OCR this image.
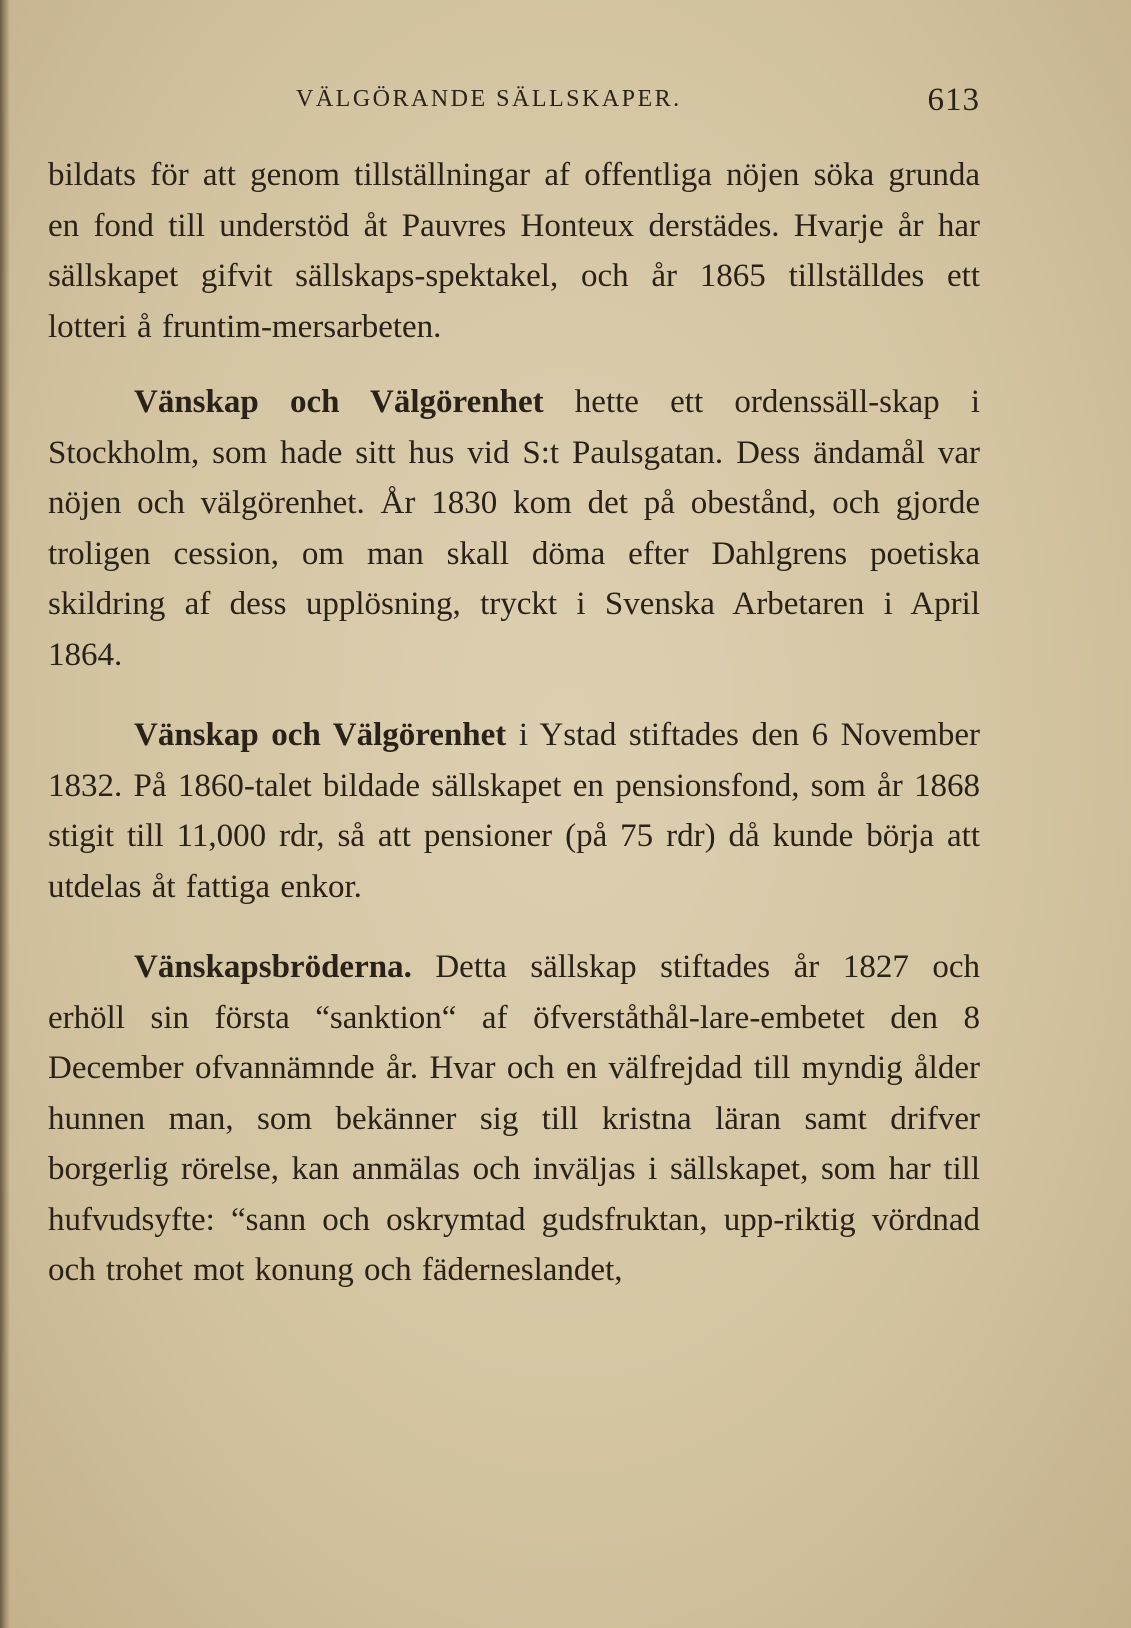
VÄLGÖRANDE SÄLLSKAPER.	613

bildats för att genom tillställningar af offentliga nöjen söka grunda en fond till understöd åt Pauvres Honteux derstädes. Hvarje år har sällskapet gifvit sällskaps-spektakel, och år 1865 tillställdes ett lotteri å fruntim-mersarbeten.

Vänskap och Välgörenhet hette ett ordenssäll-skap i Stockholm, som hade sitt hus vid S:t Paulsgatan. Dess ändamål var nöjen och välgörenhet. År 1830 kom det på obestånd, och gjorde troligen cession, om man skall döma efter Dahlgrens poetiska skildring af dess upplösning, tryckt i Svenska Arbetaren i April 1864.

Vänskap och Välgörenhet i Ystad stiftades den 6 November 1832. På 1860-talet bildade sällskapet en pensionsfond, som år 1868 stigit till 11,000 rdr, så att pensioner (på 75 rdr) då kunde börja att utdelas åt fattiga enkor.

Vänskapsbröderna. Detta sällskap stiftades år 1827 och erhöll sin första “sanktion“ af öfverståthål-lare-embetet den 8 December ofvannämnde år. Hvar och en välfrejdad till myndig ålder hunnen man, som bekänner sig till kristna läran samt drifver borgerlig rörelse, kan anmälas och inväljas i sällskapet, som har till hufvudsyfte: “sann och oskrymtad gudsfruktan, upp-riktig vördnad och trohet mot konung och fäderneslandet,
